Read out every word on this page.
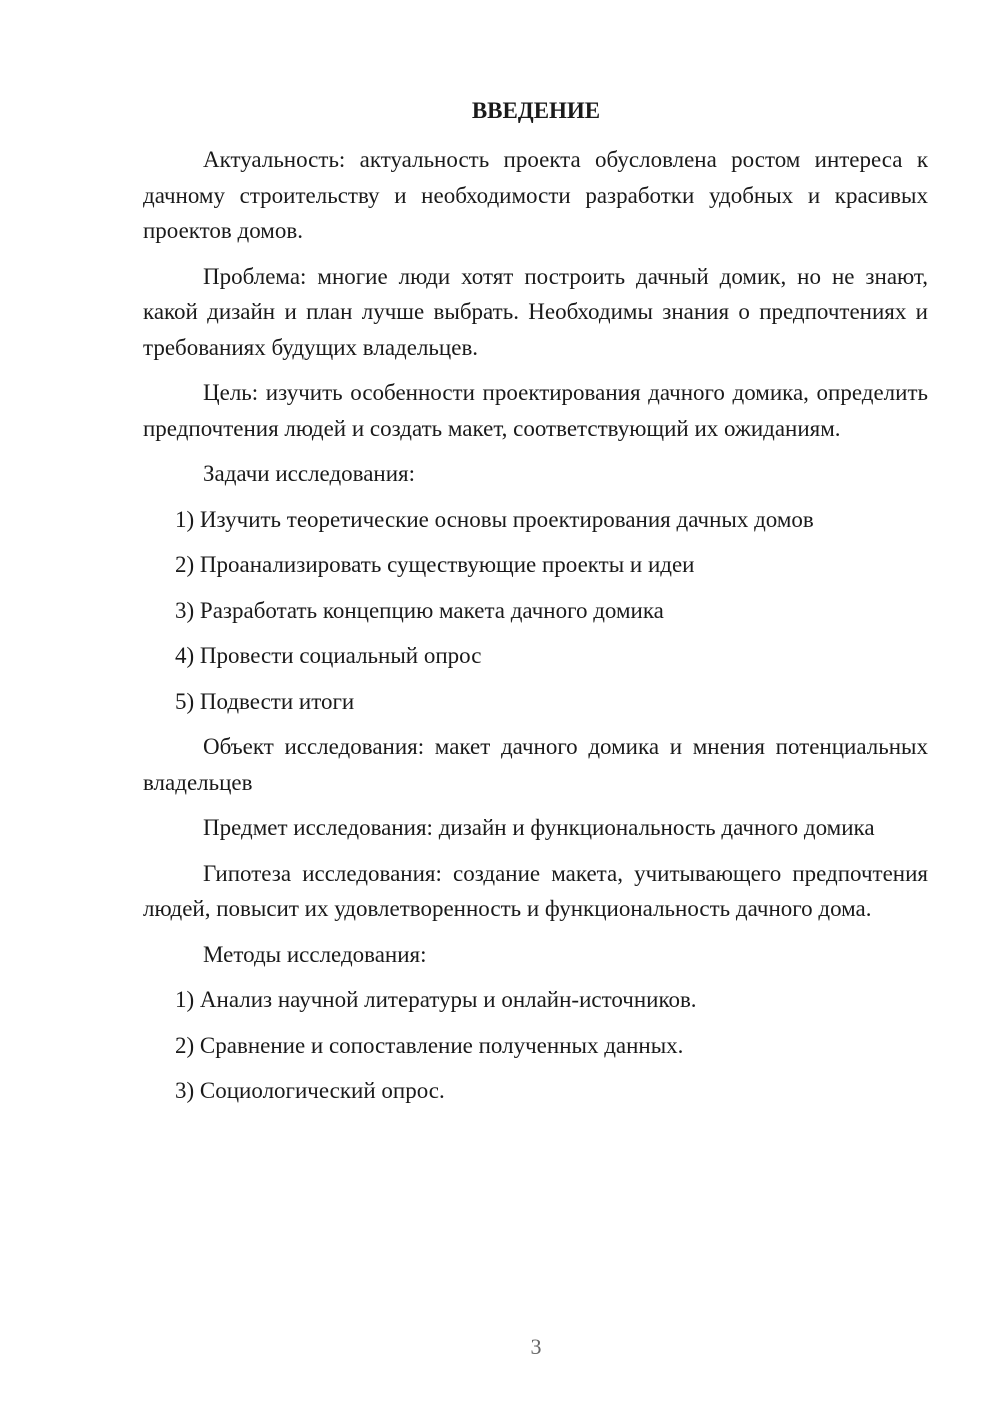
ВВЕДЕНИЕ

Актуальность: актуальность проекта обусловлена ростом интереса к дачному строительству и необходимости разработки удобных и красивых проектов домов.

Проблема: многие люди хотят построить дачный домик, но не знают, какой дизайн и план лучше выбрать. Необходимы знания о предпочтениях и требованиях будущих владельцев.

Цель: изучить особенности проектирования дачного домика, определить предпочтения людей и создать макет, соответствующий их ожиданиям.

Задачи исследования:

1) Изучить теоретические основы проектирования дачных домов

2) Проанализировать существующие проекты и идеи

3) Разработать концепцию макета дачного домика

4) Провести социальный опрос

5) Подвести итоги

Объект исследования: макет дачного домика и мнения потенциальных владельцев

Предмет исследования: дизайн и функциональность дачного домика

Гипотеза исследования: создание макета, учитывающего предпочтения людей, повысит их удовлетворенность и функциональность дачного дома.

Методы исследования:

1) Анализ научной литературы и онлайн-источников.

2) Сравнение и сопоставление полученных данных.

3) Социологический опрос.

3
